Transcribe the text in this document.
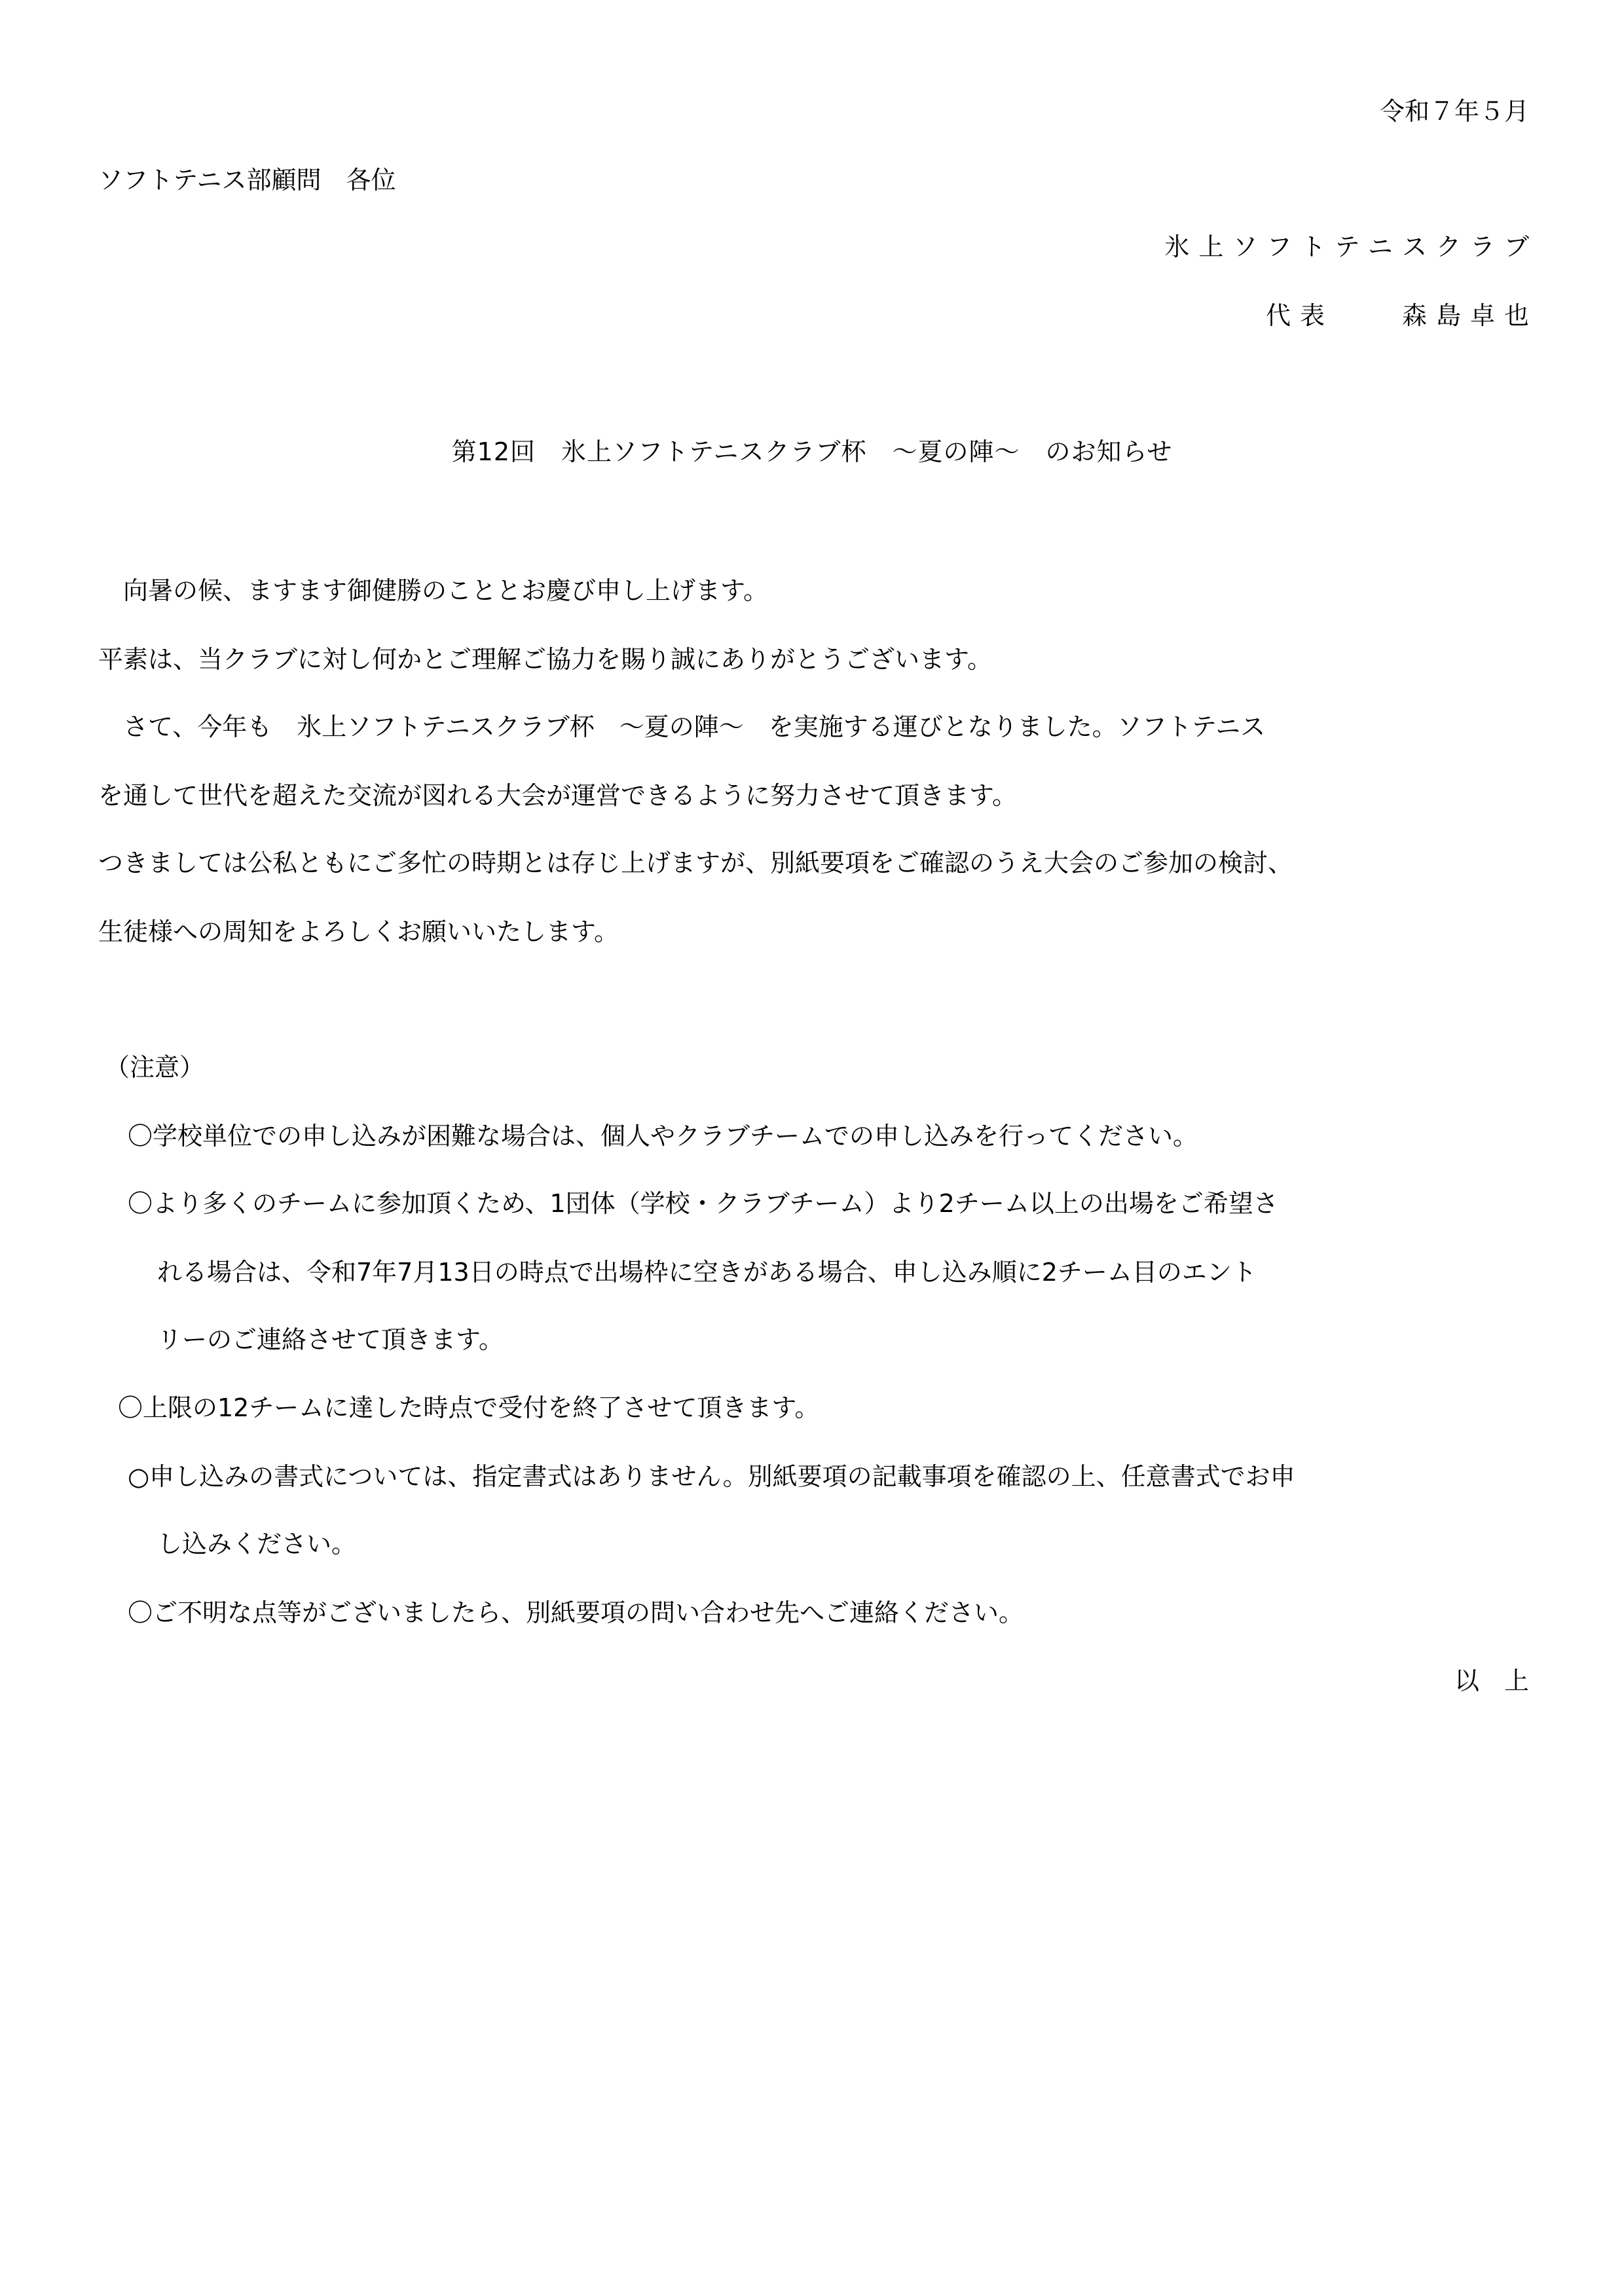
令和７年５月

ソフトテニス部顧問　各位

氷上ソフトテニスクラブ

代表　　森島卓也

第12回　氷上ソフトテニスクラブ杯　～夏の陣～　のお知らせ

　向暑の候、ますます御健勝のこととお慶び申し上げます。

平素は、当クラブに対し何かとご理解ご協力を賜り誠にありがとうございます。

　さて、今年も　氷上ソフトテニスクラブ杯　～夏の陣～　を実施する運びとなりました。ソフトテニス

を通して世代を超えた交流が図れる大会が運営できるように努力させて頂きます。

つきましては公私ともにご多忙の時期とは存じ上げますが、別紙要項をご確認のうえ大会のご参加の検討、

生徒様への周知をよろしくお願いいたします。

（注意）

〇学校単位での申し込みが困難な場合は、個人やクラブチームでの申し込みを行ってください。

〇より多くのチームに参加頂くため、1団体（学校・クラブチーム）より2チーム以上の出場をご希望さ

れる場合は、令和7年7月13日の時点で出場枠に空きがある場合、申し込み順に2チーム目のエント

リーのご連絡させて頂きます。

〇上限の12チームに達した時点で受付を終了させて頂きます。

○申し込みの書式については、指定書式はありません。別紙要項の記載事項を確認の上、任意書式でお申

し込みください。

〇ご不明な点等がございましたら、別紙要項の問い合わせ先へご連絡ください。

以　上
